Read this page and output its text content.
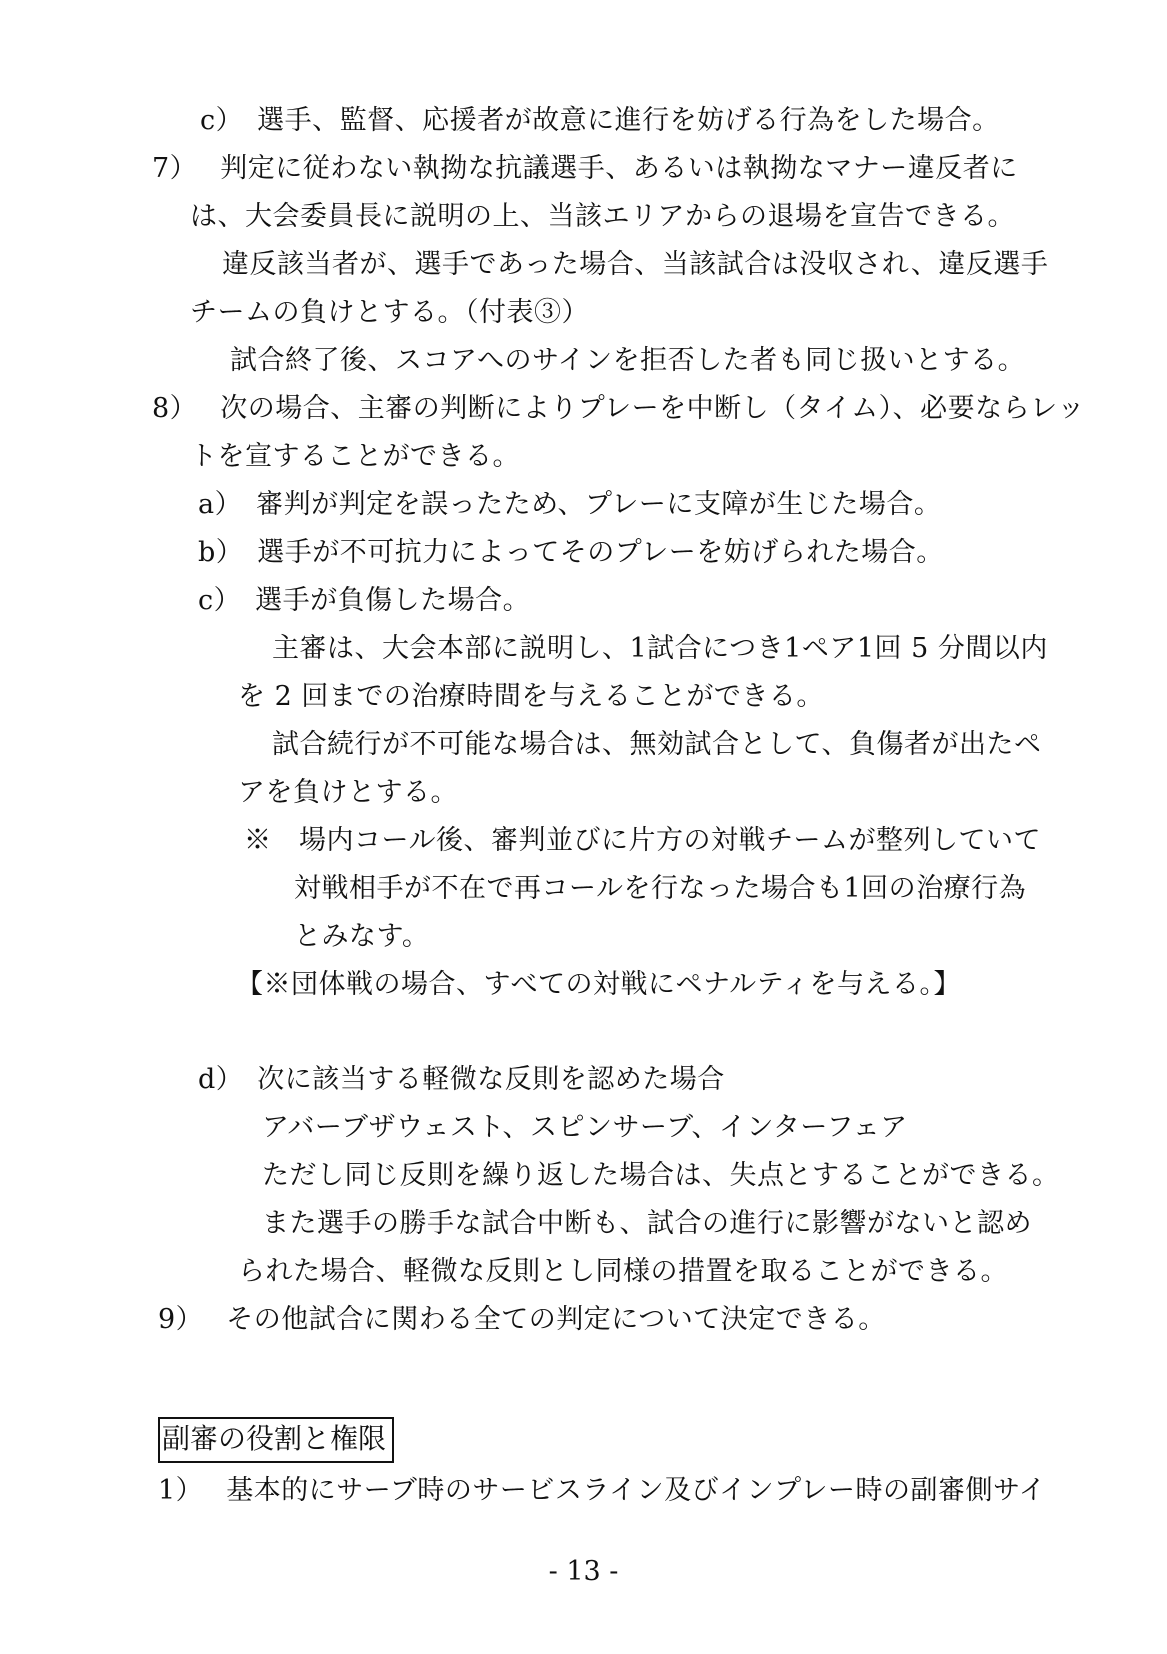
c）　選手、監督、応援者が故意に進行を妨げる行為をした場合。
7）　 判定に従わない執拗な抗議選手、あるいは執拗なマナー違反者に
は、大会委員長に説明の上、当該エリアからの退場を宣告できる。
違反該当者が、選手であった場合、当該試合は没収され、違反選手
チームの負けとする。（付表③）
試合終了後、スコアへのサインを拒否した者も同じ扱いとする。
8）　 次の場合、主審の判断によりプレーを中断し（タイム）、必要ならレッ
トを宣することができる。
a）　審判が判定を誤ったため、プレーに支障が生じた場合。
b）　選手が不可抗力によってそのプレーを妨げられた場合。
c）　選手が負傷した場合。
主審は、大会本部に説明し、1試合につき1ペア1回 5 分間以内
を 2 回までの治療時間を与えることができる。
試合続行が不可能な場合は、無効試合として、負傷者が出たペ
アを負けとする。
※　場内コール後、審判並びに片方の対戦チームが整列していて
対戦相手が不在で再コールを行なった場合も1回の治療行為
とみなす。
【※団体戦の場合、すべての対戦にペナルティを与える。】
d）　次に該当する軽微な反則を認めた場合
アバーブザウェスト、スピンサーブ、インターフェア
ただし同じ反則を繰り返した場合は、失点とすることができる。
また選手の勝手な試合中断も、試合の進行に影響がないと認め
られた場合、軽微な反則とし同様の措置を取ることができる。
9）　 その他試合に関わる全ての判定について決定できる。
副審の役割と権限
1）　 基本的にサーブ時のサービスライン及びインプレー時の副審側サイ
- 13 -
